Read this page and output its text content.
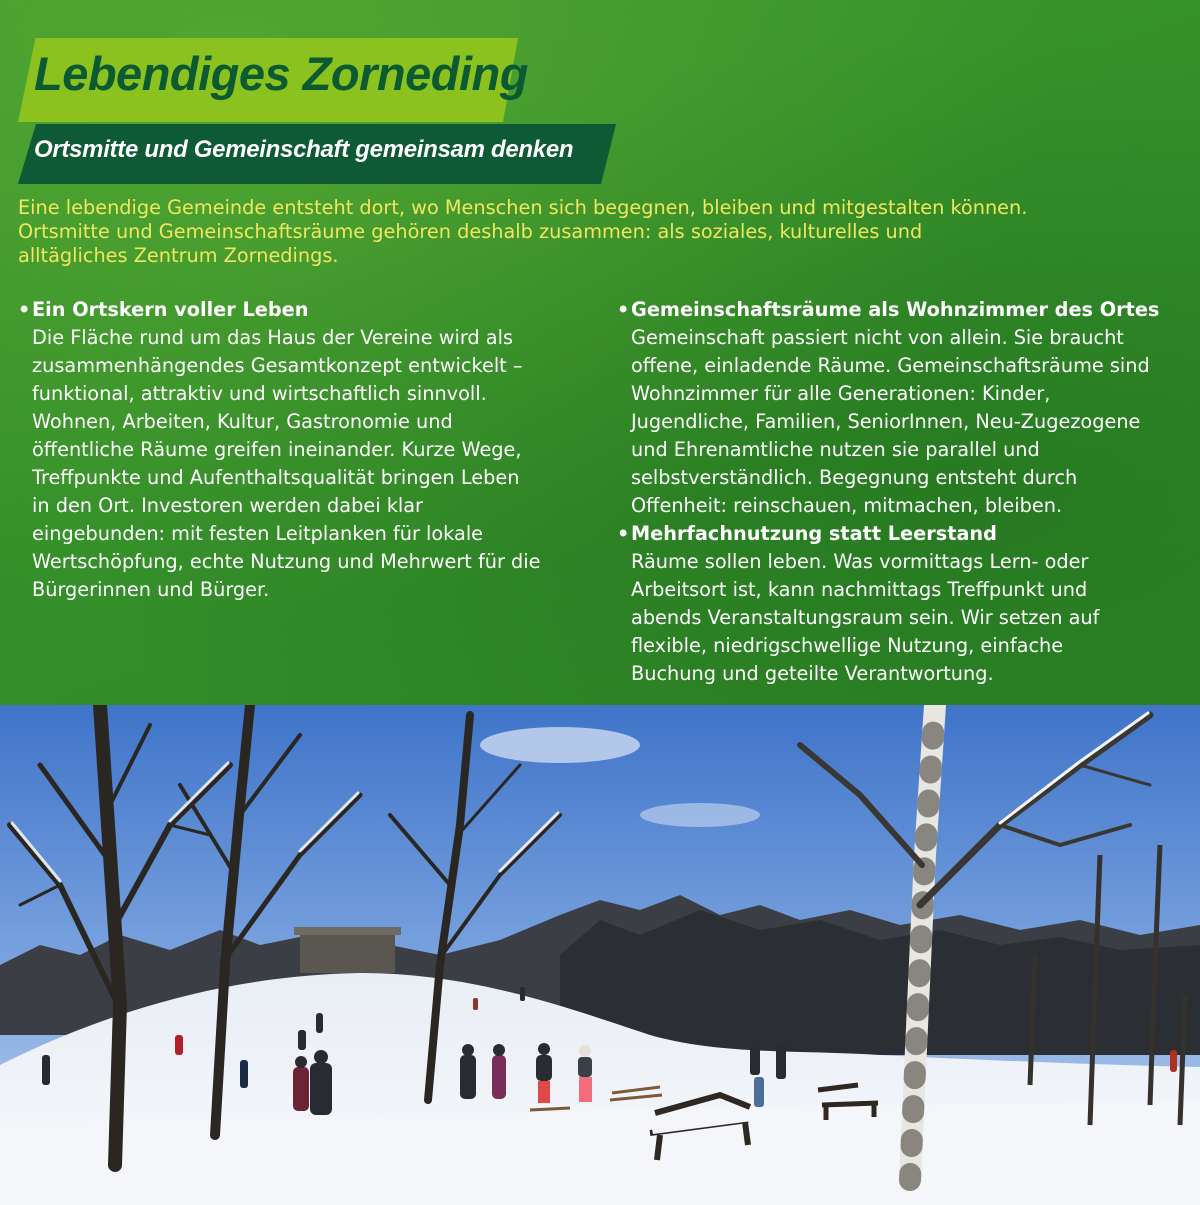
Lebendiges Zorneding
Ortsmitte und Gemeinschaft gemeinsam denken

Eine lebendige Gemeinde entsteht dort, wo Menschen sich begegnen, bleiben und mitgestalten können.
Ortsmitte und Gemeinschaftsräume gehören deshalb zusammen: als soziales, kulturelles und
alltägliches Zentrum Zornedings.

•Ein Ortskern voller Leben

Die Fläche rund um das Haus der Vereine wird als
zusammenhängendes Gesamtkonzept entwickelt –
funktional, attraktiv und wirtschaftlich sinnvoll.
Wohnen, Arbeiten, Kultur, Gastronomie und
öffentliche Räume greifen ineinander. Kurze Wege,
Treffpunkte und Aufenthaltsqualität bringen Leben
in den Ort. Investoren werden dabei klar
eingebunden: mit festen Leitplanken für lokale
Wertschöpfung, echte Nutzung und Mehrwert für die
Bürgerinnen und Bürger.

•Gemeinschaftsräume als Wohnzimmer des Ortes

Gemeinschaft passiert nicht von allein. Sie braucht
offene, einladende Räume. Gemeinschaftsräume sind
Wohnzimmer für alle Generationen: Kinder,
Jugendliche, Familien, SeniorInnen, Neu-Zugezogene
und Ehrenamtliche nutzen sie parallel und
selbstverständlich. Begegnung entsteht durch
Offenheit: reinschauen, mitmachen, bleiben.

•Mehrfachnutzung statt Leerstand

Räume sollen leben. Was vormittags Lern- oder
Arbeitsort ist, kann nachmittags Treffpunkt und
abends Veranstaltungsraum sein. Wir setzen auf
flexible, niedrigschwellige Nutzung, einfache
Buchung und geteilte Verantwortung.
